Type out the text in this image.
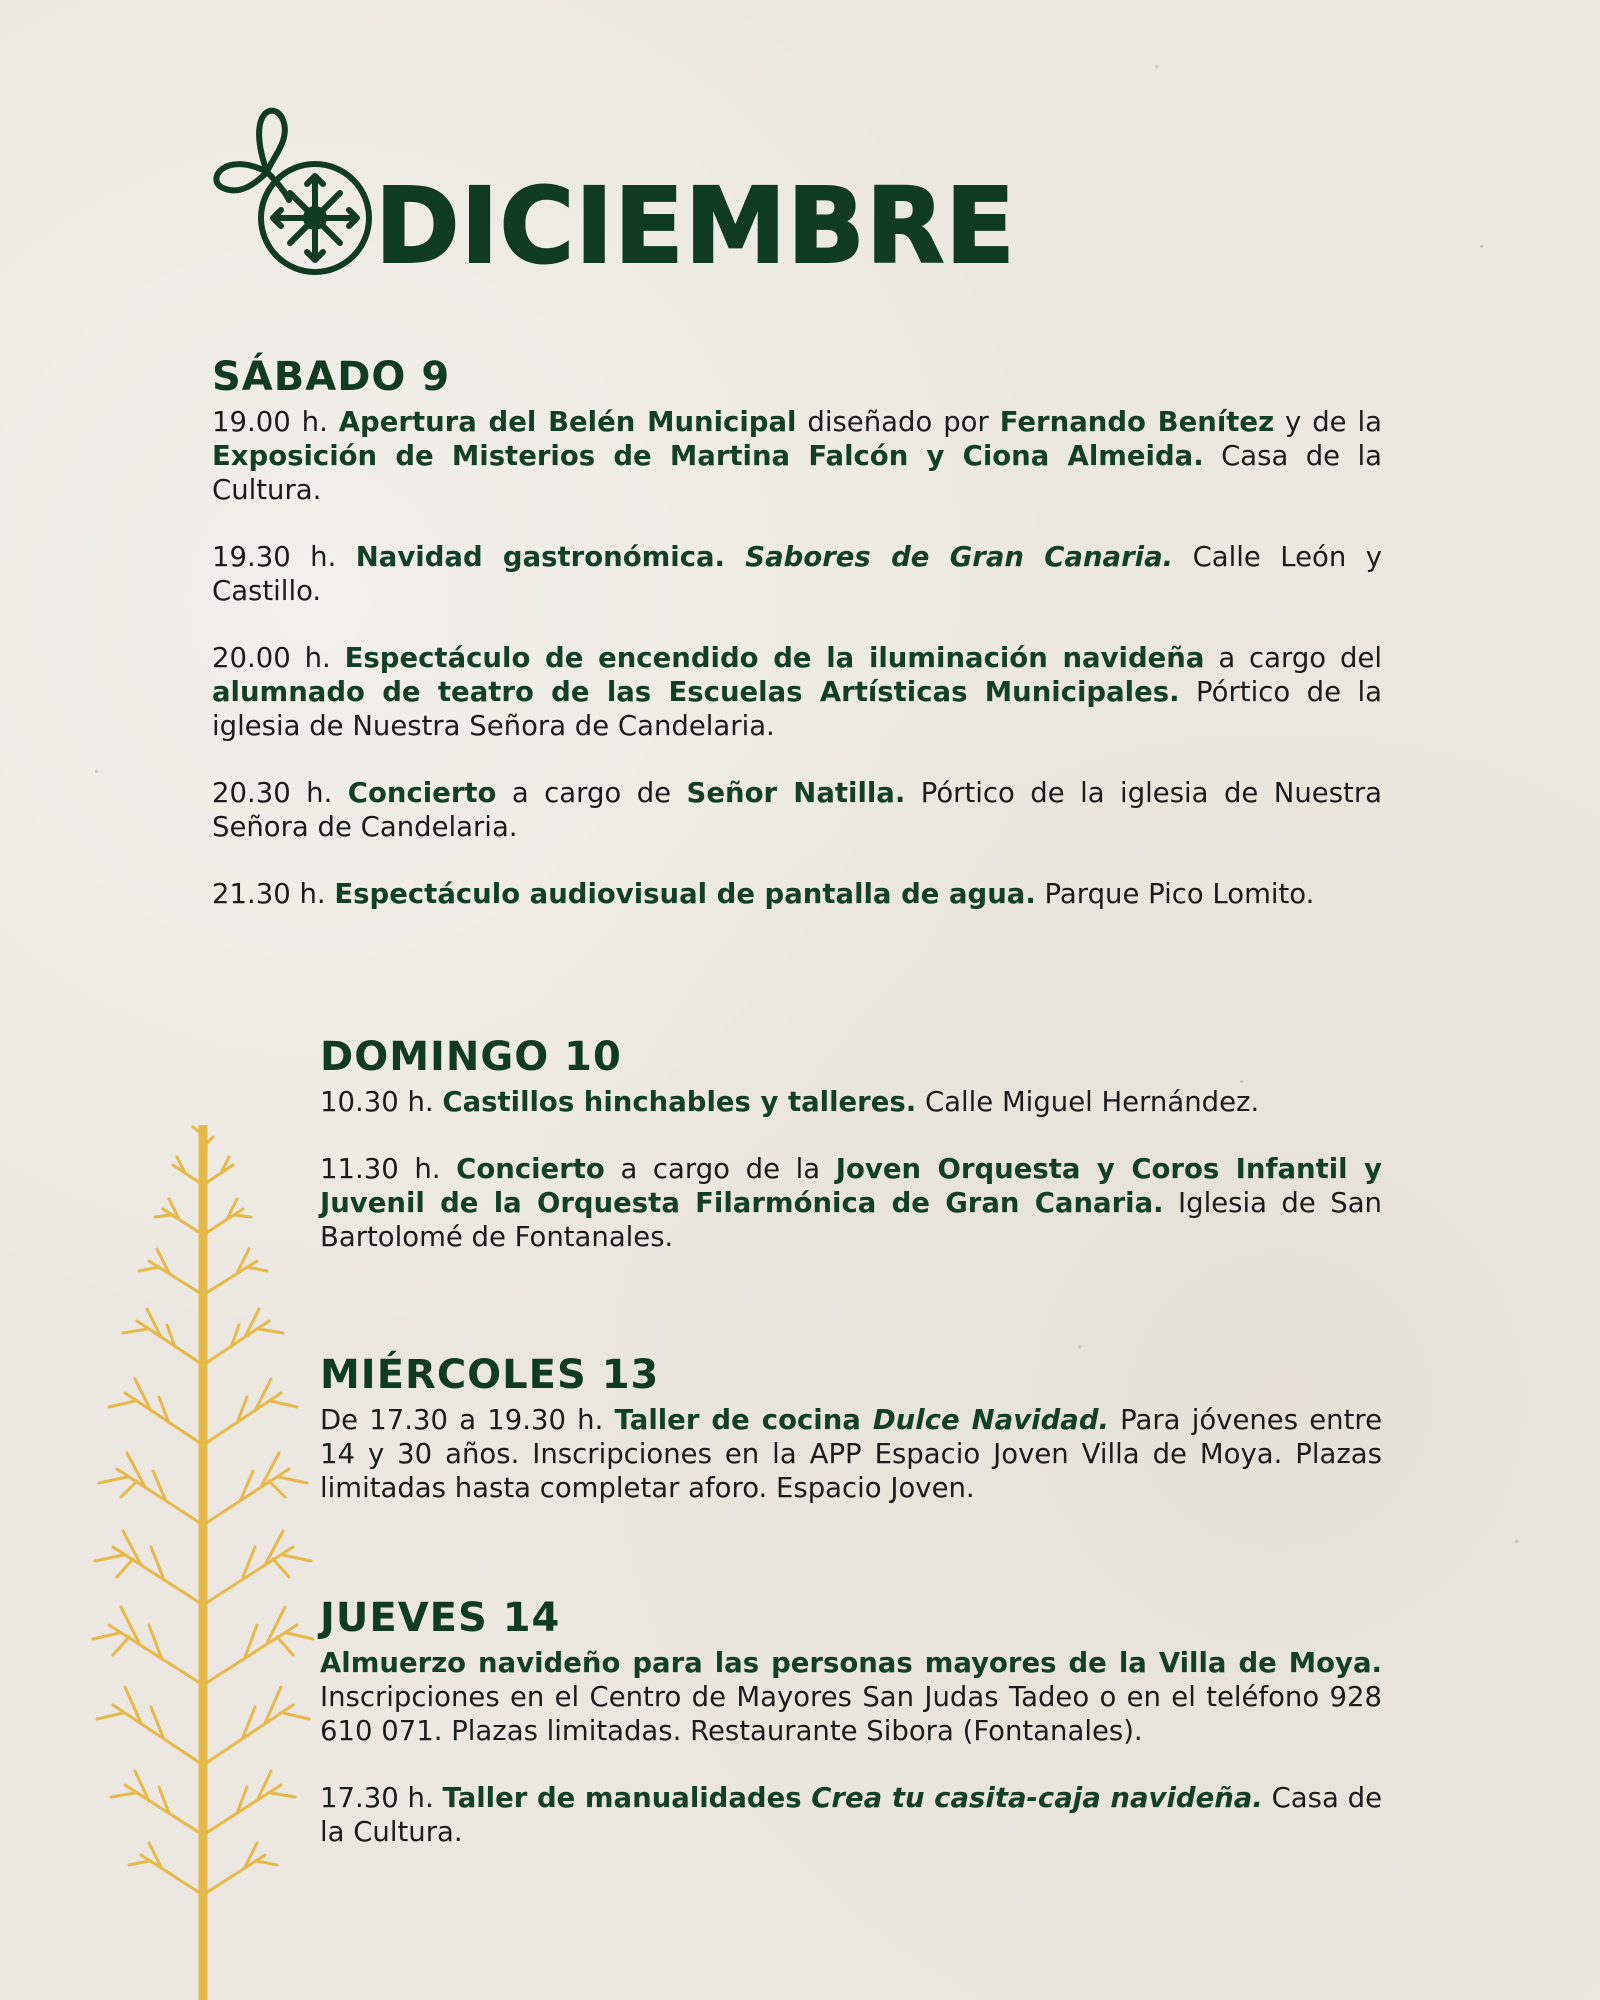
DICIEMBRE
SÁBADO 9

19.00 h. Apertura del Belén Municipal diseñado por Fernando Benítez y de la Exposición de Misterios de Martina Falcón y Ciona Almeida. Casa de la Cultura.

19.30 h. Navidad gastronómica. Sabores de Gran Canaria. Calle León y Castillo.

20.00 h. Espectáculo de encendido de la iluminación navideña a cargo del alumnado de teatro de las Escuelas Artísticas Municipales. Pórtico de la iglesia de Nuestra Señora de Candelaria.

20.30 h. Concierto a cargo de Señor Natilla. Pórtico de la iglesia de Nuestra Señora de Candelaria.

21.30 h. Espectáculo audiovisual de pantalla de agua. Parque Pico Lomito.

DOMINGO 10

10.30 h. Castillos hinchables y talleres. Calle Miguel Hernández.

11.30 h. Concierto a cargo de la Joven Orquesta y Coros Infantil y Juvenil de la Orquesta Filarmónica de Gran Canaria. Iglesia de San Bartolomé de Fontanales.

MIÉRCOLES 13

De 17.30 a 19.30 h. Taller de cocina Dulce Navidad. Para jóvenes entre 14 y 30 años. Inscripciones en la APP Espacio Joven Villa de Moya. Plazas limitadas hasta completar aforo. Espacio Joven.

JUEVES 14

Almuerzo navideño para las personas mayores de la Villa de Moya. Inscripciones en el Centro de Mayores San Judas Tadeo o en el teléfono 928 610 071. Plazas limitadas. Restaurante Sibora (Fontanales).

17.30 h. Taller de manualidades Crea tu casita-caja navideña. Casa de la Cultura.
